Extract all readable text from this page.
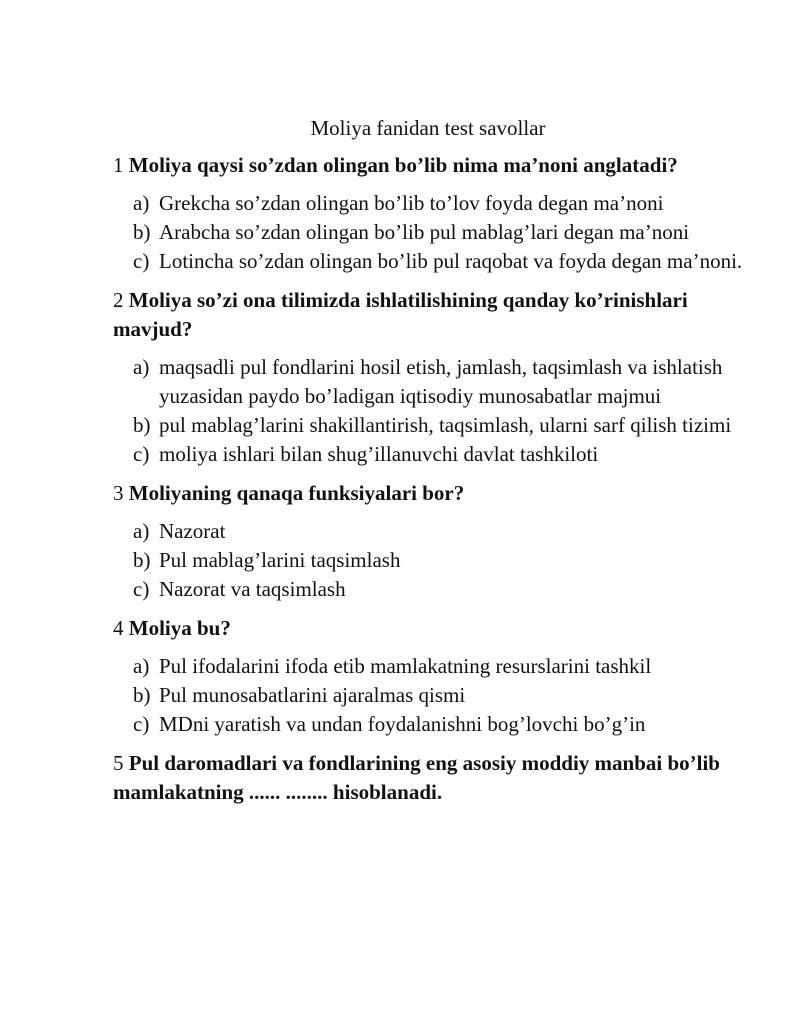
Moliya fanidan test savollar

1 Moliya qaysi so’zdan olingan bo’lib nima ma’noni anglatadi?

a) Grekcha so’zdan olingan bo’lib to’lov foyda degan ma’noni
b) Arabcha so’zdan olingan bo’lib pul mablag’lari degan ma’noni
c) Lotincha so’zdan olingan bo’lib pul raqobat va foyda degan ma’noni.

2 Moliya so’zi ona tilimizda ishlatilishining qanday ko’rinishlari mavjud?

a) maqsadli pul fondlarini hosil etish, jamlash, taqsimlash va ishlatish yuzasidan paydo bo’ladigan iqtisodiy munosabatlar majmui
b) pul mablag’larini shakillantirish, taqsimlash, ularni sarf qilish tizimi
c) moliya ishlari bilan shug’illanuvchi davlat tashkiloti

3 Moliyaning qanaqa funksiyalari bor?

a) Nazorat
b) Pul mablag’larini taqsimlash
c) Nazorat va taqsimlash

4 Moliya bu?

a) Pul ifodalarini ifoda etib mamlakatning resurslarini tashkil
b) Pul munosabatlarini ajaralmas qismi
c) MDni yaratish va undan foydalanishni bog’lovchi bo’g’in

5 Pul daromadlari va fondlarining eng asosiy moddiy manbai bo’lib mamlakatning ...... ........ hisoblanadi.
